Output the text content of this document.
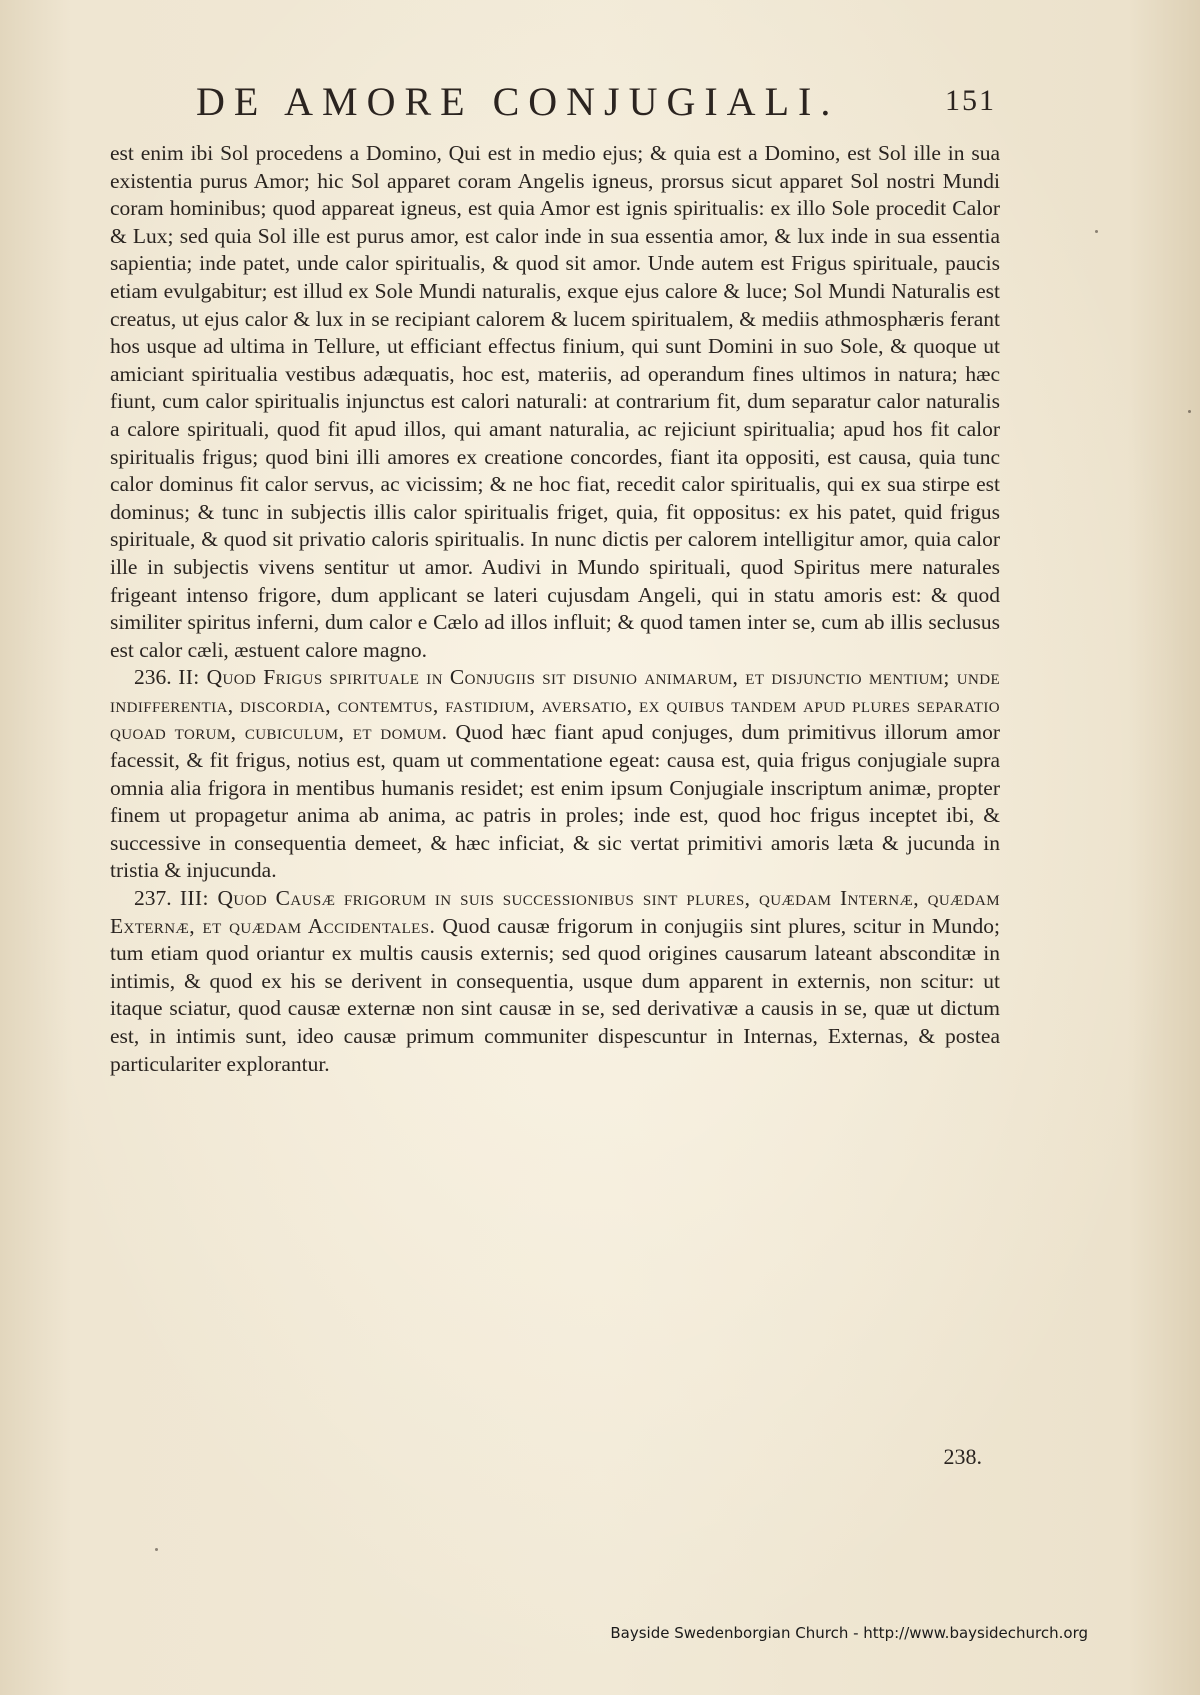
DE AMORE CONJUGIALI.	151

est enim ibi Sol procedens a Domino, Qui est in medio ejus; & quia est a Domino, est Sol ille in sua existentia purus Amor; hic Sol apparet coram Angelis igneus, prorsus sicut apparet Sol nostri Mundi coram hominibus; quod appareat igneus, est quia Amor est ignis spiritualis: ex illo Sole procedit Calor & Lux; sed quia Sol ille est purus amor, est calor inde in sua essentia amor, & lux inde in sua essentia sapientia; inde patet, unde calor spiritualis, & quod sit amor. Unde autem est Frigus spirituale, paucis etiam evulgabitur; est illud ex Sole Mundi naturalis, exque ejus calore & luce; Sol Mundi Naturalis est creatus, ut ejus calor & lux in se recipiant calorem & lucem spiritualem, & mediis athmosphæris ferant hos usque ad ultima in Tellure, ut efficiant effectus finium, qui sunt Domini in suo Sole, & quoque ut amiciant spiritualia vestibus adæquatis, hoc est, materiis, ad operandum fines ultimos in natura; hæc fiunt, cum calor spiritualis injunctus est calori naturali: at contrarium fit, dum separatur calor naturalis a calore spirituali, quod fit apud illos, qui amant naturalia, ac rejiciunt spiritualia; apud hos fit calor spiritualis frigus; quod bini illi amores ex creatione concordes, fiant ita oppositi, est causa, quia tunc calor dominus fit calor servus, ac vicissim; & ne hoc fiat, recedit calor spiritualis, qui ex sua stirpe est dominus; & tunc in subjectis illis calor spiritualis friget, quia, fit oppositus: ex his patet, quid frigus spirituale, & quod sit privatio caloris spiritualis. In nunc dictis per calorem intelligitur amor, quia calor ille in subjectis vivens sentitur ut amor. Audivi in Mundo spirituali, quod Spiritus mere naturales frigeant intenso frigore, dum applicant se lateri cujusdam Angeli, qui in statu amoris est: & quod similiter spiritus inferni, dum calor e Cælo ad illos influit; & quod tamen inter se, cum ab illis seclusus est calor cæli, æstuent calore magno.

236. II: Quod Frigus spirituale in Conjugiis sit disunio animarum, et disjunctio mentium; unde indifferentia, discordia, contemtus, fastidium, aversatio, ex quibus tandem apud plures separatio quoad torum, cubiculum, et domum. Quod hæc fiant apud conjuges, dum primitivus illorum amor facessit, & fit frigus, notius est, quam ut commentatione egeat: causa est, quia frigus conjugiale supra omnia alia frigora in mentibus humanis residet; est enim ipsum Conjugiale inscriptum animæ, propter finem ut propagetur anima ab anima, ac patris in proles; inde est, quod hoc frigus inceptet ibi, & successive in consequentia demeet, & hæc inficiat, & sic vertat primitivi amoris læta & jucunda in tristia & injucunda.

237. III: Quod Causæ frigorum in suis successionibus sint plures, quædam Internæ, quædam Externæ, et quædam Accidentales. Quod causæ frigorum in conjugiis sint plures, scitur in Mundo; tum etiam quod oriantur ex multis causis externis; sed quod origines causarum lateant absconditæ in intimis, & quod ex his se derivent in consequentia, usque dum apparent in externis, non scitur: ut itaque sciatur, quod causæ externæ non sint causæ in se, sed derivativæ a causis in se, quæ ut dictum est, in intimis sunt, ideo causæ primum communiter dispescuntur in Internas, Externas, & postea particulariter explorantur.

238.
Bayside Swedenborgian Church - http://www.baysidechurch.org
